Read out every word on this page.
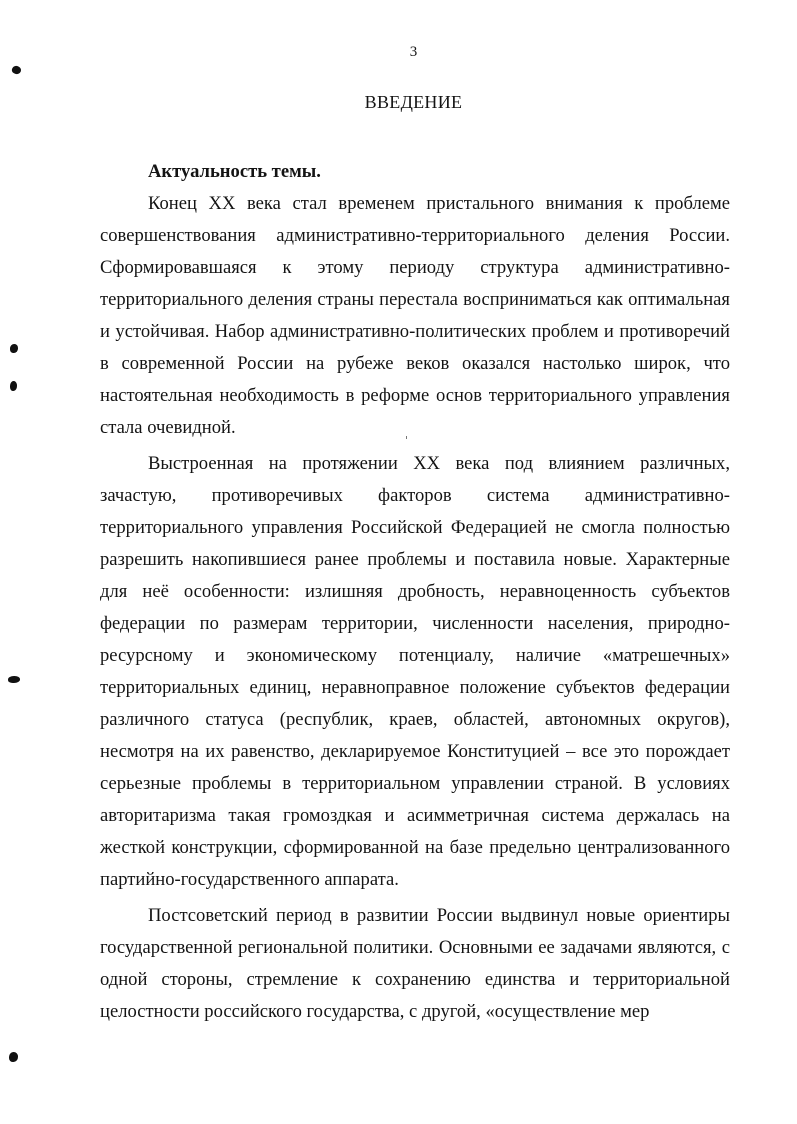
3
ВВЕДЕНИЕ

Актуальность темы.

Конец XX века стал временем пристального внимания к проблеме совершенствования административно-территориального деления России. Сформировавшаяся к этому периоду структура административно-территориального деления страны перестала восприниматься как оптимальная и устойчивая. Набор административно-политических проблем и противоречий в современной России на рубеже веков оказался настолько широк, что настоятельная необходимость в реформе основ территориального управления стала очевидной.

Выстроенная на протяжении XX века под влиянием различных, зачастую, противоречивых факторов система административно-территориального управления Российской Федерацией не смогла полностью разрешить накопившиеся ранее проблемы и поставила новые. Характерные для неё особенности: излишняя дробность, неравноценность субъектов федерации по размерам территории, численности населения, природно-ресурсному и экономическому потенциалу, наличие «матрешечных» территориальных единиц, неравноправное положение субъектов федерации различного статуса (республик, краев, областей, автономных округов), несмотря на их равенство, декларируемое Конституцией – все это порождает серьезные проблемы в территориальном управлении страной. В условиях авторитаризма такая громоздкая и асимметричная система держалась на жесткой конструкции, сформированной на базе предельно централизованного партийно-государственного аппарата.

Постсоветский период в развитии России выдвинул новые ориентиры государственной региональной политики. Основными ее задачами являются, с одной стороны, стремление к сохранению единства и территориальной целостности российского государства, с другой, «осуществление мер
